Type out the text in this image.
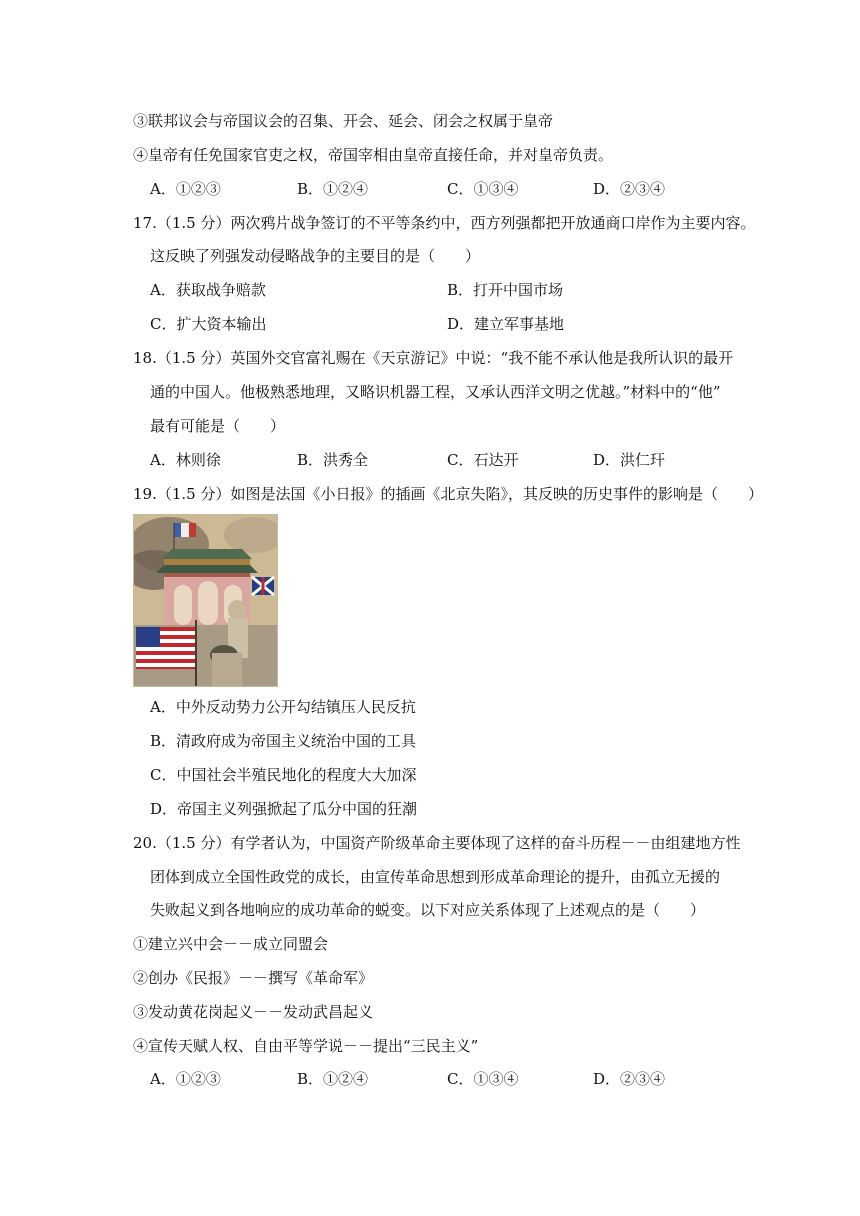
③联邦议会与帝国议会的召集、开会、延会、闭会之权属于皇帝
④皇帝有任免国家官吏之权，帝国宰相由皇帝直接任命，并对皇帝负责。
A．①②③	B．①②④	C．①③④	D．②③④
17.（1.5 分）两次鸦片战争签订的不平等条约中，西方列强都把开放通商口岸作为主要内容。
这反映了列强发动侵略战争的主要目的是（　　）
A．获取战争赔款	B．打开中国市场
C．扩大资本输出	D．建立军事基地
18.（1.5 分）英国外交官富礼赐在《天京游记》中说：“我不能不承认他是我所认识的最开
通的中国人。他极熟悉地理，又略识机器工程，又承认西洋文明之优越。”材料中的“他”
最有可能是（　　）
A．林则徐	B．洪秀全	C．石达开	D．洪仁玕
19.（1.5 分）如图是法国《小日报》的插画《北京失陷》，其反映的历史事件的影响是（　　）
A．中外反动势力公开勾结镇压人民反抗
B．清政府成为帝国主义统治中国的工具
C．中国社会半殖民地化的程度大大加深
D．帝国主义列强掀起了瓜分中国的狂潮
20.（1.5 分）有学者认为，中国资产阶级革命主要体现了这样的奋斗历程－－由组建地方性
团体到成立全国性政党的成长，由宣传革命思想到形成革命理论的提升，由孤立无援的
失败起义到各地响应的成功革命的蜕变。以下对应关系体现了上述观点的是（　　）
①建立兴中会－－成立同盟会
②创办《民报》－－撰写《革命军》
③发动黄花岗起义－－发动武昌起义
④宣传天赋人权、自由平等学说－－提出“三民主义”
A．①②③	B．①②④	C．①③④	D．②③④
